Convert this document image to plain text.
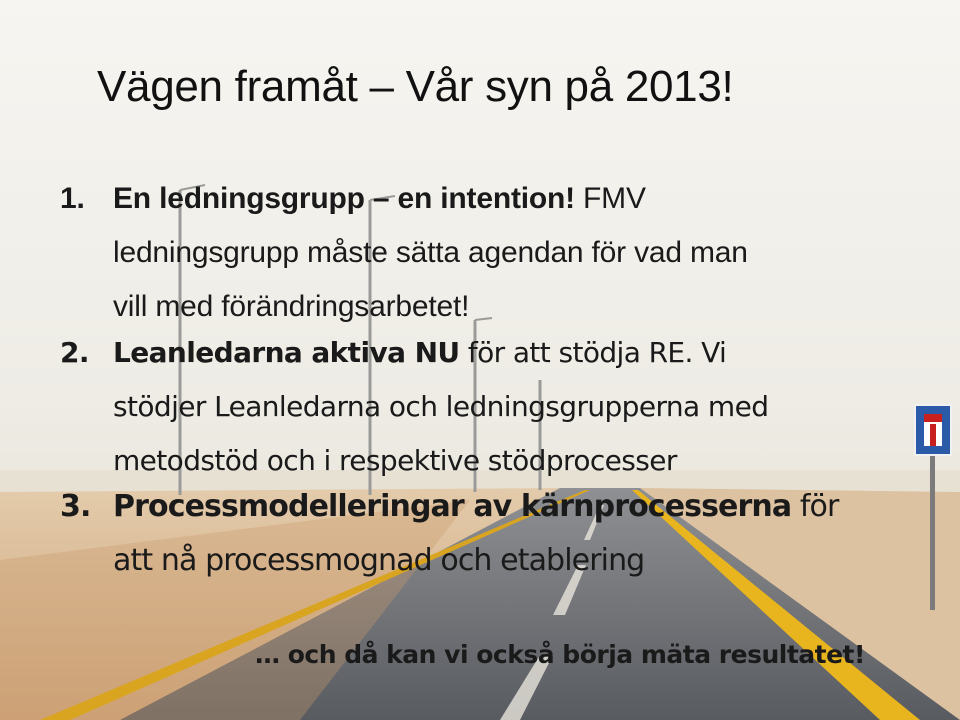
Vägen framåt – Vår syn på 2013!
1. En ledningsgrupp – en intention! FMV
ledningsgrupp måste sätta agendan för vad man
vill med förändringsarbetet!
2. Leanledarna aktiva NU för att stödja RE. Vi
stödjer Leanledarna och ledningsgrupperna med
metodstöd och i respektive stödprocesser
3. Processmodelleringar av kärnprocesserna för
att nå processmognad och etablering
… och då kan vi också börja mäta resultatet!
